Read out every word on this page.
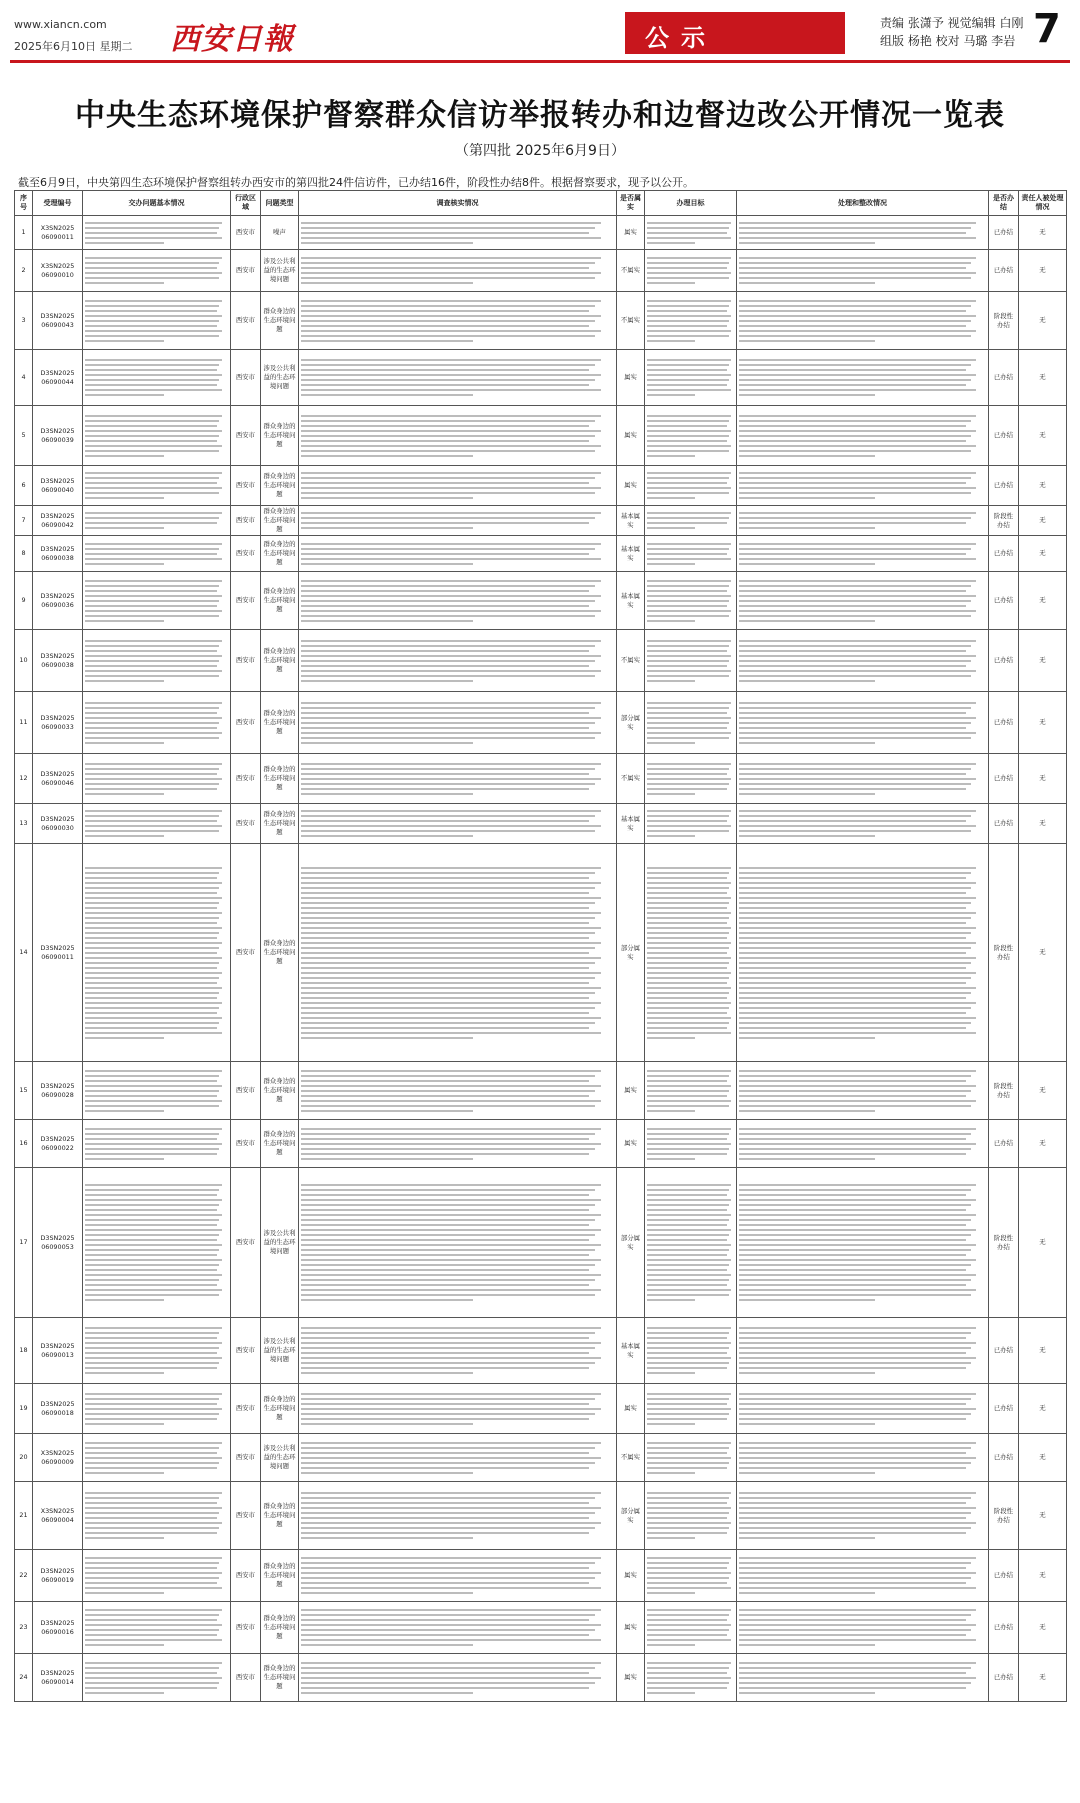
www.xiancn.com
2025年6月10日 星期二 西安日報	公示
责编 张潇予 视觉编辑 白刚
组版 杨艳 校对 马璐 李岩 7
中央生态环境保护督察群众信访举报转办和边督边改公开情况一览表
（第四批 2025年6月9日）
截至6月9日，中央第四生态环境保护督察组转办西安市的第四批24件信访件，已办结16件，阶段性办结8件。根据督察要求，现予以公开。
序号	受理编号	交办问题基本情况	行政区域	问题类型	调查核实情况	是否属实	办理目标	处理和整改情况	是否办结	责任人被处理情况
1	X3SN2025
06090011		西安市	噪声		属实			已办结	无
2	X3SN2025
06090010		西安市	涉及公共利益的生态环境问题		不属实			已办结	无
3	D3SN2025
06090043		西安市	群众身边的生态环境问题		不属实			阶段性办结	无
4	D3SN2025
06090044		西安市	涉及公共利益的生态环境问题		属实			已办结	无
5	D3SN2025
06090039		西安市	群众身边的生态环境问题		属实			已办结	无
6	D3SN2025
06090040		西安市	群众身边的生态环境问题		属实			已办结	无
7	D3SN2025
06090042		西安市	群众身边的生态环境问题		基本属实			阶段性办结	无
8	D3SN2025
06090038		西安市	群众身边的生态环境问题		基本属实			已办结	无
9	D3SN2025
06090036		西安市	群众身边的生态环境问题		基本属实			已办结	无
10	D3SN2025
06090038		西安市	群众身边的生态环境问题		不属实			已办结	无
11	D3SN2025
06090033		西安市	群众身边的生态环境问题		部分属实			已办结	无
12	D3SN2025
06090046		西安市	群众身边的生态环境问题		不属实			已办结	无
13	D3SN2025
06090030		西安市	群众身边的生态环境问题		基本属实			已办结	无
14	D3SN2025
06090011		西安市	群众身边的生态环境问题		部分属实			阶段性办结	无
15	D3SN2025
06090028		西安市	群众身边的生态环境问题		属实			阶段性办结	无
16	D3SN2025
06090022		西安市	群众身边的生态环境问题		属实			已办结	无
17	D3SN2025
06090053		西安市	涉及公共利益的生态环境问题		部分属实			阶段性办结	无
18	D3SN2025
06090013		西安市	涉及公共利益的生态环境问题		基本属实			已办结	无
19	D3SN2025
06090018		西安市	群众身边的生态环境问题		属实			已办结	无
20	X3SN2025
06090009		西安市	涉及公共利益的生态环境问题		不属实			已办结	无
21	X3SN2025
06090004		西安市	群众身边的生态环境问题		部分属实			阶段性办结	无
22	D3SN2025
06090019		西安市	群众身边的生态环境问题		属实			已办结	无
23	D3SN2025
06090016		西安市	群众身边的生态环境问题		属实			已办结	无
24	D3SN2025
06090014		西安市	群众身边的生态环境问题		属实			已办结	无
